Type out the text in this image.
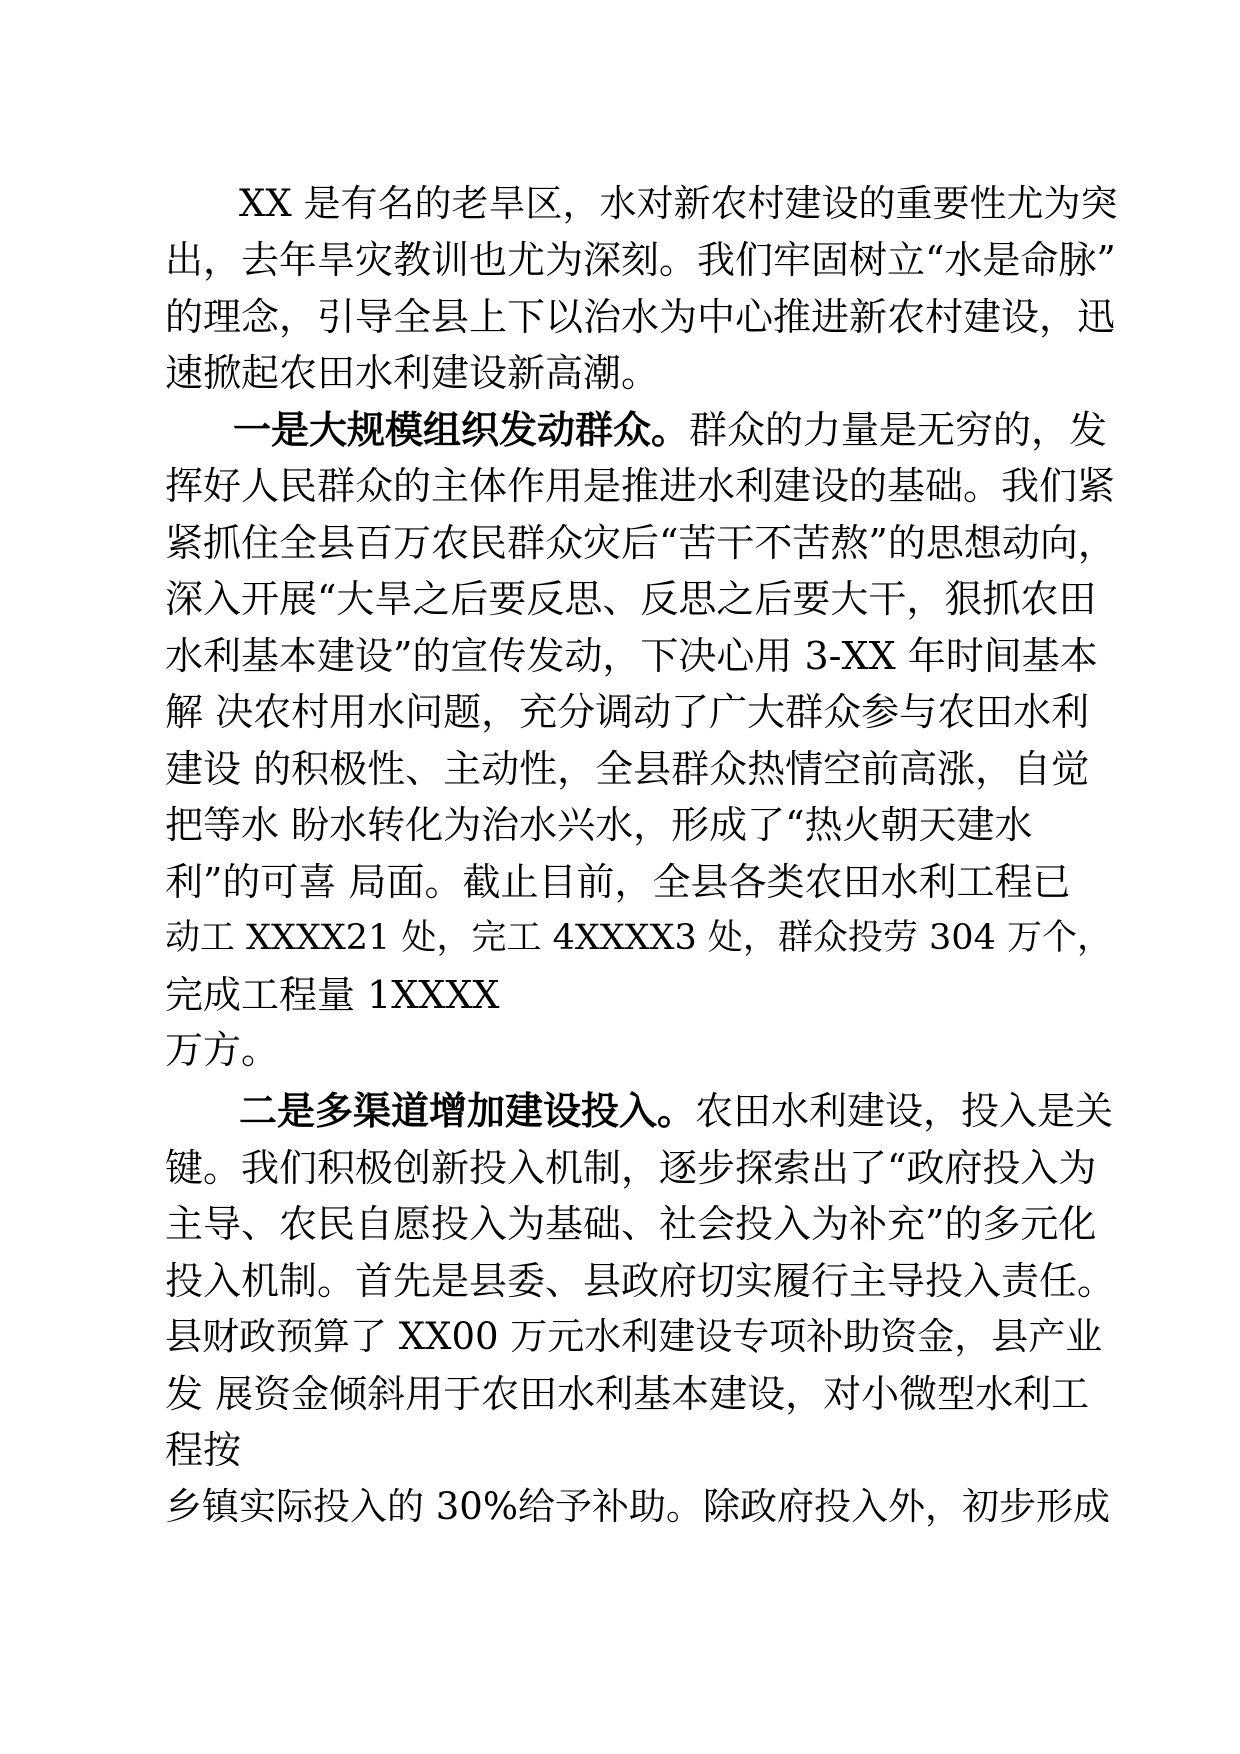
XX 是有名的老旱区，水对新农村建设的重要性尤为突
出，去年旱灾教训也尤为深刻。我们牢固树立“水是命脉”
的理念，引导全县上下以治水为中心推进新农村建设，迅
速掀起农田水利建设新高潮。
一是大规模组织发动群众。群众的力量是无穷的，发
挥好人民群众的主体作用是推进水利建设的基础。我们紧
紧抓住全县百万农民群众灾后“苦干不苦熬”的思想动向，
深入开展“大旱之后要反思、反思之后要大干，狠抓农田
水利基本建设”的宣传发动，下决心用 3-XX 年时间基本
解 决农村用水问题，充分调动了广大群众参与农田水利
建设 的积极性、主动性，全县群众热情空前高涨，自觉
把等水 盼水转化为治水兴水，形成了“热火朝天建水
利”的可喜 局面。截止目前，全县各类农田水利工程已
动工 XXXX21 处，完工 4XXXX3 处，群众投劳 304 万个，
完成工程量 1XXXX
万方。
二是多渠道增加建设投入。农田水利建设，投入是关
键。我们积极创新投入机制，逐步探索出了“政府投入为
主导、农民自愿投入为基础、社会投入为补充”的多元化
投入机制。首先是县委、县政府切实履行主导投入责任。
县财政预算了 XX00 万元水利建设专项补助资金，县产业
发 展资金倾斜用于农田水利基本建设，对小微型水利工
程按
乡镇实际投入的 30%给予补助。除政府投入外，初步形成
